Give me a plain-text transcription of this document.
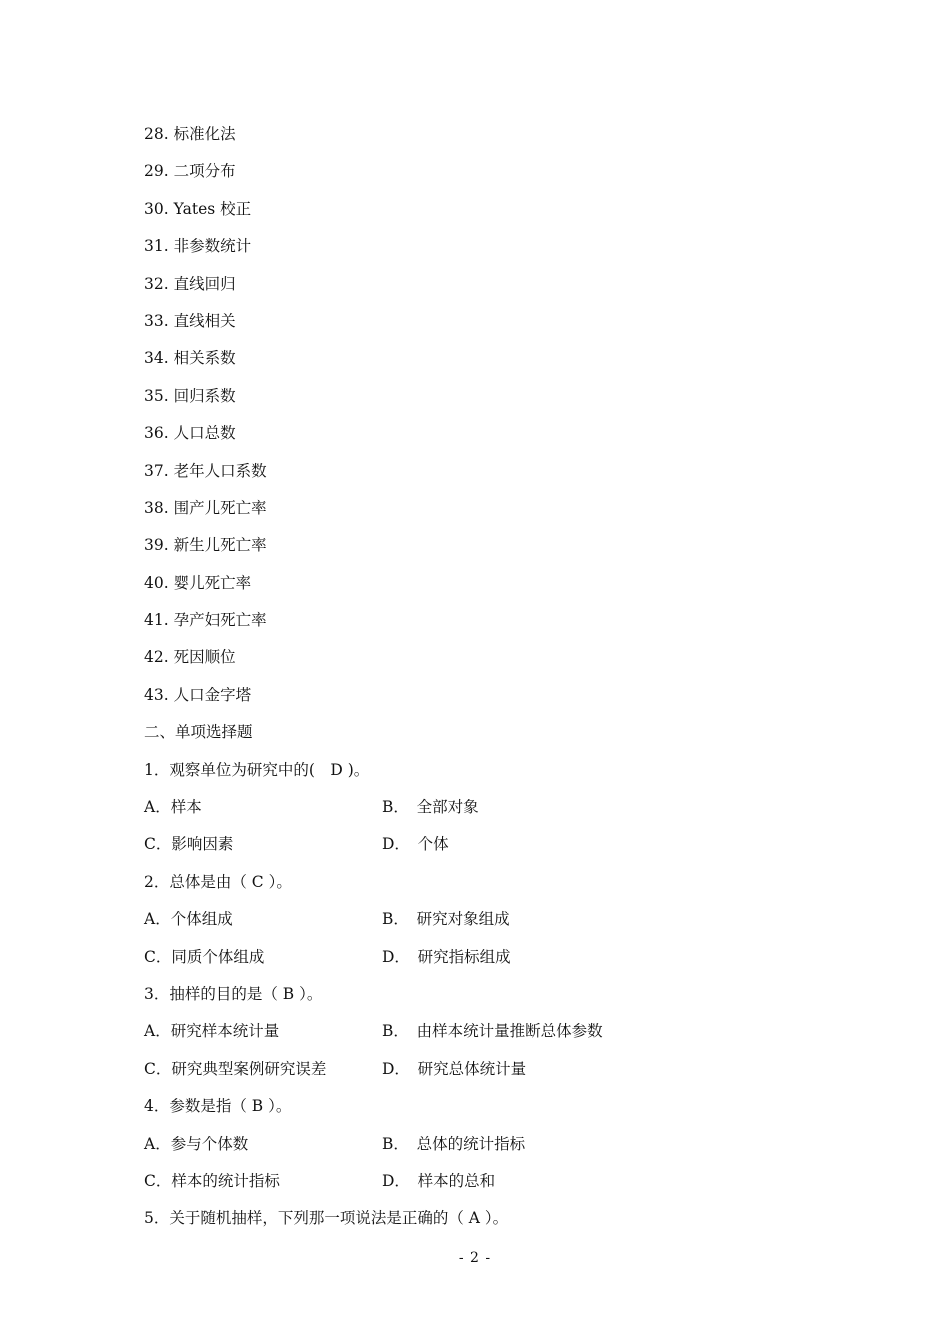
28. 标准化法
29. 二项分布
30. Yates 校正
31. 非参数统计
32. 直线回归
33. 直线相关
34. 相关系数
35. 回归系数
36. 人口总数
37. 老年人口系数
38. 围产儿死亡率
39. 新生儿死亡率
40. 婴儿死亡率
41. 孕产妇死亡率
42. 死因顺位
43. 人口金字塔
二、单项选择题
1．观察单位为研究中的(　D )。
A．样本	B．　全部对象
C．影响因素	D．　个体
2．总体是由（ C ）。
A．个体组成	B．　研究对象组成
C．同质个体组成	D．　研究指标组成
3．抽样的目的是（ B ）。
A．研究样本统计量	B．　由样本统计量推断总体参数
C．研究典型案例研究误差	D．　研究总体统计量
4．参数是指（ B ）。
A．参与个体数	B．　总体的统计指标
C．样本的统计指标	D．　样本的总和
5．关于随机抽样，下列那一项说法是正确的（ A ）。
- 2 -
